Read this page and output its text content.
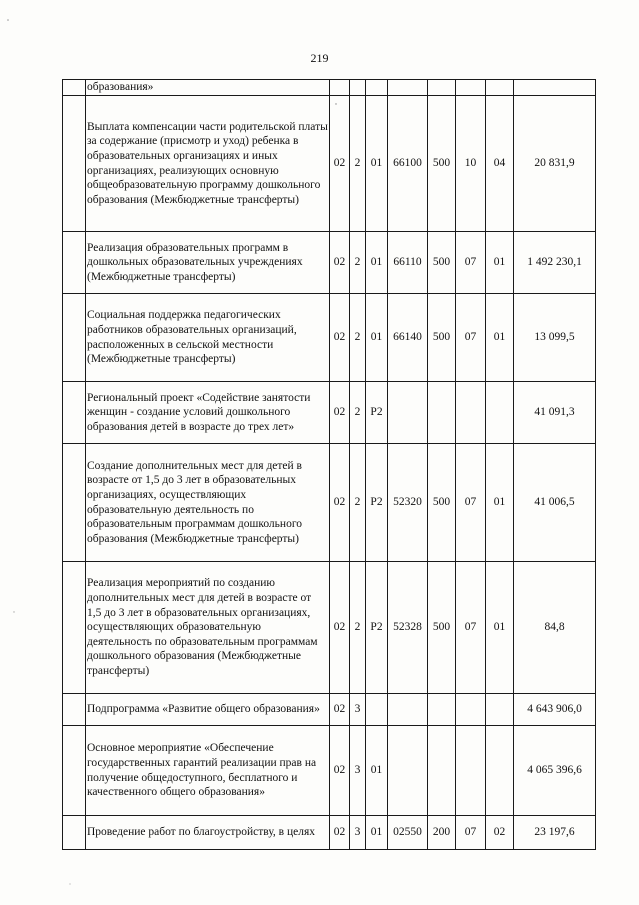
219
	образования»								
	Выплата компенсации части родительской платы за содержание (присмотр и уход) ребенка в образовательных организациях и иных организациях, реализующих основную общеобразовательную программу дошкольного образования (Межбюджетные трансферты)	02	2	01	66100	500	10	04	20 831,9
	Реализация образовательных программ в дошкольных образовательных учреждениях (Межбюджетные трансферты)	02	2	01	66110	500	07	01	1 492 230,1
	Социальная поддержка педагогических работников образовательных организаций, расположенных в сельской местности (Межбюджетные трансферты)	02	2	01	66140	500	07	01	13 099,5
	Региональный проект «Содействие занятости женщин - создание условий дошкольного образования детей в возрасте до трех лет»	02	2	Р2					41 091,3
	Создание дополнительных мест для детей в возрасте от 1,5 до 3 лет в образовательных организациях, осуществляющих образовательную деятельность по образовательным программам дошкольного образования (Межбюджетные трансферты)	02	2	Р2	52320	500	07	01	41 006,5
	Реализация мероприятий по созданию дополнительных мест для детей в возрасте от 1,5 до 3 лет в образовательных организациях, осуществляющих образовательную деятельность по образовательным программам дошкольного образования (Межбюджетные трансферты)	02	2	Р2	52328	500	07	01	84,8
	Подпрограмма «Развитие общего образования»	02	3						4 643 906,0
	Основное мероприятие «Обеспечение государственных гарантий реализации прав на получение общедоступного, бесплатного и качественного общего образования»	02	3	01					4 065 396,6
	Проведение работ по благоустройству, в целях	02	3	01	02550	200	07	02	23 197,6
